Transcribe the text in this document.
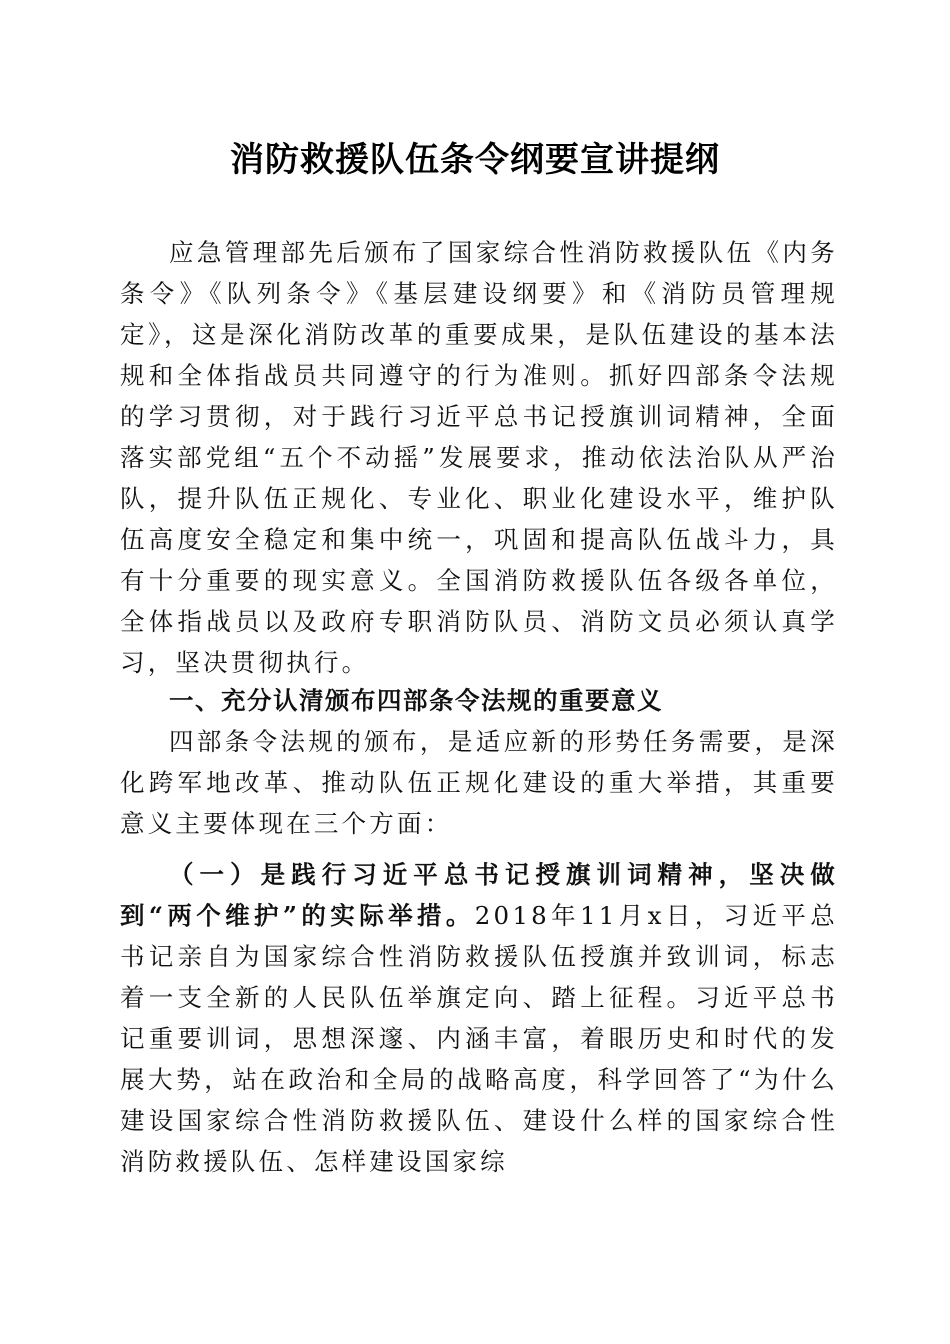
消防救援队伍条令纲要宣讲提纲

应急管理部先后颁布了国家综合性消防救援队伍《内务条令》《队列条令》《基层建设纲要》和《消防员管理规定》，这是深化消防改革的重要成果，是队伍建设的基本法规和全体指战员共同遵守的行为准则。抓好四部条令法规的学习贯彻，对于践行习近平总书记授旗训词精神，全面落实部党组“五个不动摇”发展要求，推动依法治队从严治队，提升队伍正规化、专业化、职业化建设水平，维护队伍高度安全稳定和集中统一，巩固和提高队伍战斗力，具有十分重要的现实意义。全国消防救援队伍各级各单位，全体指战员以及政府专职消防队员、消防文员必须认真学习，坚决贯彻执行。

一、充分认清颁布四部条令法规的重要意义

四部条令法规的颁布，是适应新的形势任务需要，是深化跨军地改革、推动队伍正规化建设的重大举措，其重要意义主要体现在三个方面：

（一）是践行习近平总书记授旗训词精神，坚决做到“两个维护”的实际举措。2018年11月x日，习近平总书记亲自为国家综合性消防救援队伍授旗并致训词，标志着一支全新的人民队伍举旗定向、踏上征程。习近平总书记重要训词，思想深邃、内涵丰富，着眼历史和时代的发展大势，站在政治和全局的战略高度，科学回答了“为什么建设国家综合性消防救援队伍、建设什么样的国家综合性消防救援队伍、怎样建设国家综
